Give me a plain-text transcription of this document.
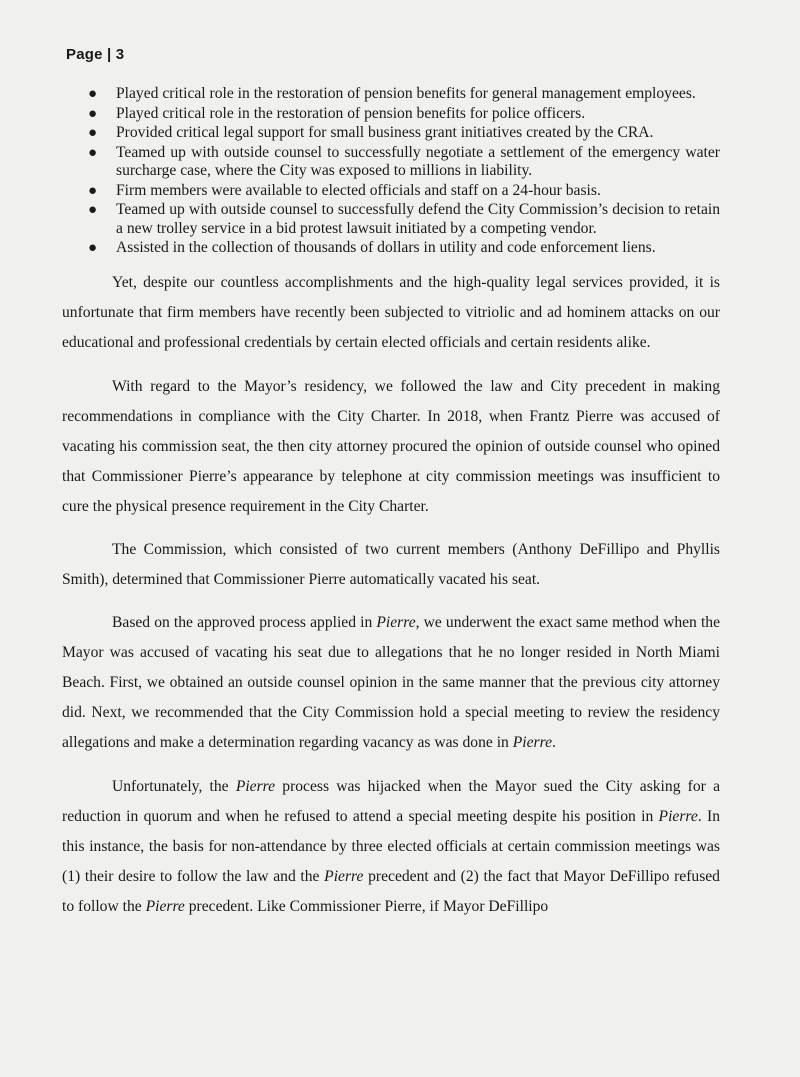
Page | 3
● Played critical role in the restoration of pension benefits for general management employees.
● Played critical role in the restoration of pension benefits for police officers.
● Provided critical legal support for small business grant initiatives created by the CRA.
● Teamed up with outside counsel to successfully negotiate a settlement of the emergency water surcharge case, where the City was exposed to millions in liability.
● Firm members were available to elected officials and staff on a 24-hour basis.
● Teamed up with outside counsel to successfully defend the City Commission’s decision to retain a new trolley service in a bid protest lawsuit initiated by a competing vendor.
● Assisted in the collection of thousands of dollars in utility and code enforcement liens.

Yet, despite our countless accomplishments and the high-quality legal services provided, it is unfortunate that firm members have recently been subjected to vitriolic and ad hominem attacks on our educational and professional credentials by certain elected officials and certain residents alike.

With regard to the Mayor’s residency, we followed the law and City precedent in making recommendations in compliance with the City Charter. In 2018, when Frantz Pierre was accused of vacating his commission seat, the then city attorney procured the opinion of outside counsel who opined that Commissioner Pierre’s appearance by telephone at city commission meetings was insufficient to cure the physical presence requirement in the City Charter.

The Commission, which consisted of two current members (Anthony DeFillipo and Phyllis Smith), determined that Commissioner Pierre automatically vacated his seat.

Based on the approved process applied in Pierre, we underwent the exact same method when the Mayor was accused of vacating his seat due to allegations that he no longer resided in North Miami Beach. First, we obtained an outside counsel opinion in the same manner that the previous city attorney did. Next, we recommended that the City Commission hold a special meeting to review the residency allegations and make a determination regarding vacancy as was done in Pierre.

Unfortunately, the Pierre process was hijacked when the Mayor sued the City asking for a reduction in quorum and when he refused to attend a special meeting despite his position in Pierre. In this instance, the basis for non-attendance by three elected officials at certain commission meetings was (1) their desire to follow the law and the Pierre precedent and (2) the fact that Mayor DeFillipo refused to follow the Pierre precedent. Like Commissioner Pierre, if Mayor DeFillipo
